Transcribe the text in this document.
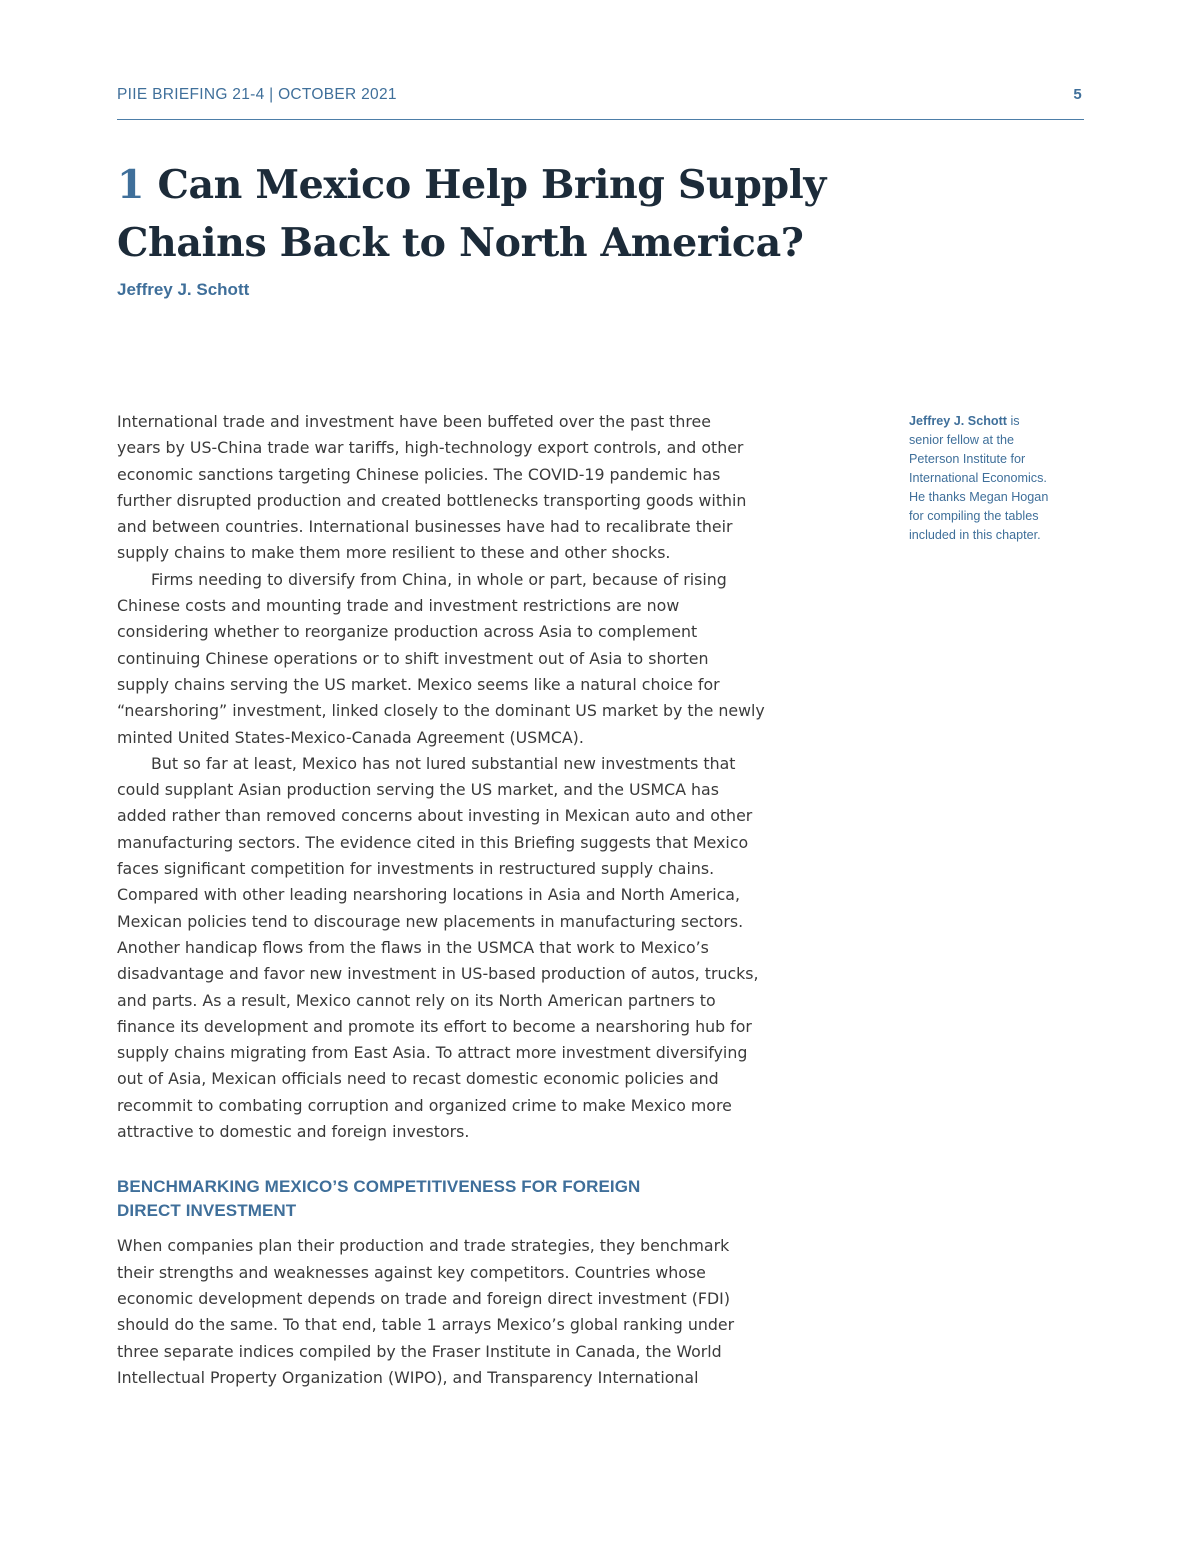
PIIE BRIEFING 21-4 | OCTOBER 2021	5
1 Can Mexico Help Bring Supply
Chains Back to North America?

Jeffrey J. Schott

Jeffrey J. Schott is
senior fellow at the
Peterson Institute for
International Economics.
He thanks Megan Hogan
for compiling the tables
included in this chapter.

International trade and investment have been buffeted over the past three
years by US-China trade war tariffs, high-technology export controls, and other
economic sanctions targeting Chinese policies. The COVID-19 pandemic has
further disrupted production and created bottlenecks transporting goods within
and between countries. International businesses have had to recalibrate their
supply chains to make them more resilient to these and other shocks.

Firms needing to diversify from China, in whole or part, because of rising
Chinese costs and mounting trade and investment restrictions are now
considering whether to reorganize production across Asia to complement
continuing Chinese operations or to shift investment out of Asia to shorten
supply chains serving the US market. Mexico seems like a natural choice for
“nearshoring” investment, linked closely to the dominant US market by the newly
minted United States-Mexico-Canada Agreement (USMCA).

But so far at least, Mexico has not lured substantial new investments that
could supplant Asian production serving the US market, and the USMCA has
added rather than removed concerns about investing in Mexican auto and other
manufacturing sectors. The evidence cited in this Briefing suggests that Mexico
faces significant competition for investments in restructured supply chains.
Compared with other leading nearshoring locations in Asia and North America,
Mexican policies tend to discourage new placements in manufacturing sectors.
Another handicap flows from the flaws in the USMCA that work to Mexico’s
disadvantage and favor new investment in US-based production of autos, trucks,
and parts. As a result, Mexico cannot rely on its North American partners to
finance its development and promote its effort to become a nearshoring hub for
supply chains migrating from East Asia. To attract more investment diversifying
out of Asia, Mexican officials need to recast domestic economic policies and
recommit to combating corruption and organized crime to make Mexico more
attractive to domestic and foreign investors.

BENCHMARKING MEXICO’S COMPETITIVENESS FOR FOREIGN
DIRECT INVESTMENT

When companies plan their production and trade strategies, they benchmark
their strengths and weaknesses against key competitors. Countries whose
economic development depends on trade and foreign direct investment (FDI)
should do the same. To that end, table 1 arrays Mexico’s global ranking under
three separate indices compiled by the Fraser Institute in Canada, the World
Intellectual Property Organization (WIPO), and Transparency International
